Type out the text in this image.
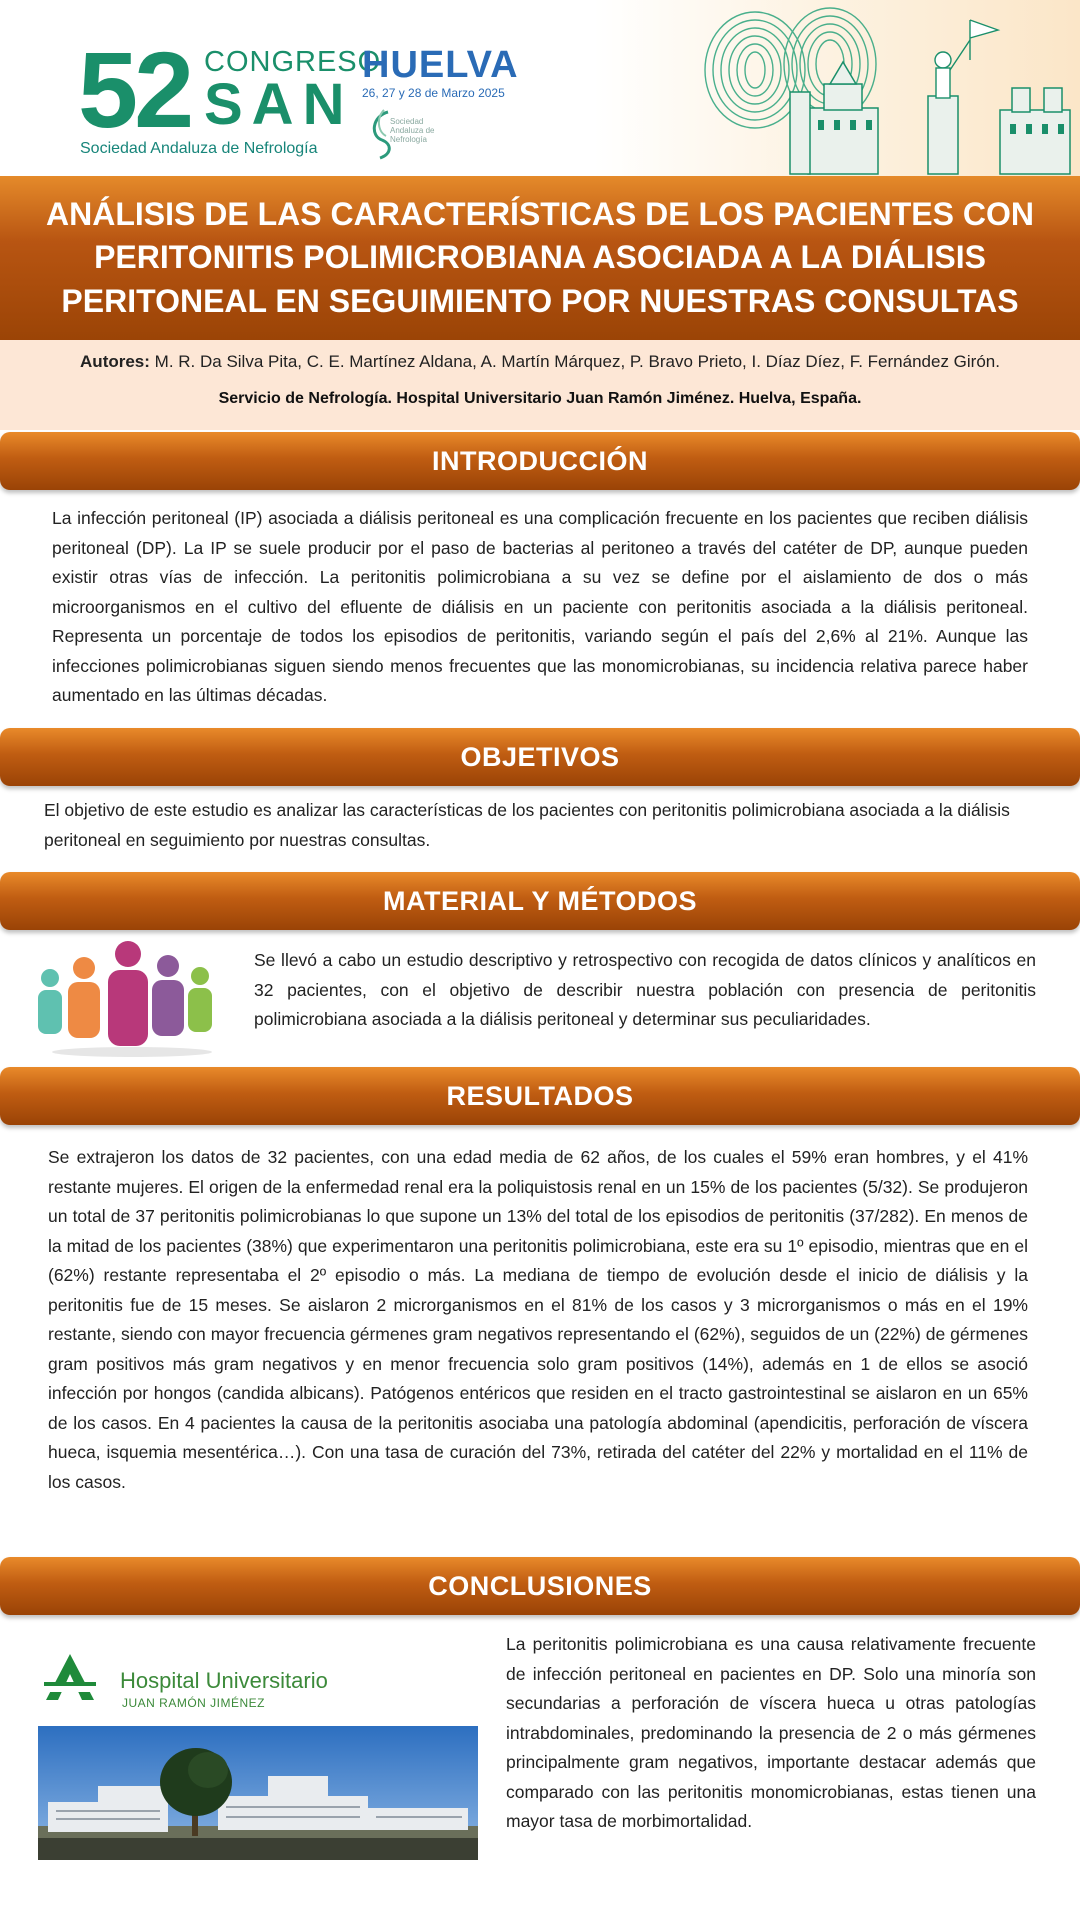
52 CONGRESO
SAN
Sociedad Andaluza de Nefrología
HUELVA
26, 27 y 28 de Marzo 2025
Sociedad
Andaluza de
Nefrología
ANÁLISIS DE LAS CARACTERÍSTICAS DE LOS PACIENTES CON PERITONITIS POLIMICROBIANA ASOCIADA A LA DIÁLISIS PERITONEAL EN SEGUIMIENTO POR NUESTRAS CONSULTAS
Autores: M. R. Da Silva Pita, C. E. Martínez Aldana, A. Martín Márquez, P. Bravo Prieto, I. Díaz Díez, F. Fernández Girón.
Servicio de Nefrología. Hospital Universitario Juan Ramón Jiménez. Huelva, España.
INTRODUCCIÓN
La infección peritoneal (IP) asociada a diálisis peritoneal es una complicación frecuente en los pacientes que reciben diálisis peritoneal (DP). La IP se suele producir por el paso de bacterias al peritoneo a través del catéter de DP, aunque pueden existir otras vías de infección. La peritonitis polimicrobiana a su vez se define por el aislamiento de dos o más microorganismos en el cultivo del efluente de diálisis en un paciente con peritonitis asociada a la diálisis peritoneal. Representa un porcentaje de todos los episodios de peritonitis, variando según el país del 2,6% al 21%. Aunque las infecciones polimicrobianas siguen siendo menos frecuentes que las monomicrobianas, su incidencia relativa parece haber aumentado en las últimas décadas.
OBJETIVOS
El objetivo de este estudio es analizar las características de los pacientes con peritonitis polimicrobiana asociada a la diálisis peritoneal en seguimiento por nuestras consultas.
MATERIAL Y MÉTODOS
Se llevó a cabo un estudio descriptivo y retrospectivo con recogida de datos clínicos y analíticos en 32 pacientes, con el objetivo de describir nuestra población con presencia de peritonitis polimicrobiana asociada a la diálisis peritoneal y determinar sus peculiaridades.
RESULTADOS
Se extrajeron los datos de 32 pacientes, con una edad media de 62 años, de los cuales el 59% eran hombres, y el 41% restante mujeres. El origen de la enfermedad renal era la poliquistosis renal en un 15% de los pacientes (5/32). Se produjeron un total de 37 peritonitis polimicrobianas lo que supone un 13% del total de los episodios de peritonitis (37/282). En menos de la mitad de los pacientes (38%) que experimentaron una peritonitis polimicrobiana, este era su 1º episodio, mientras que en el (62%) restante representaba el 2º episodio o más. La mediana de tiempo de evolución desde el inicio de diálisis y la peritonitis fue de 15 meses. Se aislaron 2 microrganismos en el 81% de los casos y 3 microrganismos o más en el 19% restante, siendo con mayor frecuencia gérmenes gram negativos representando el (62%), seguidos de un (22%) de gérmenes gram positivos más gram negativos y en menor frecuencia solo gram positivos (14%), además en 1 de ellos se asoció infección por hongos (candida albicans). Patógenos entéricos que residen en el tracto gastrointestinal se aislaron en un 65% de los casos. En 4 pacientes la causa de la peritonitis asociaba una patología abdominal (apendicitis, perforación de víscera hueca, isquemia mesentérica…). Con una tasa de curación del 73%, retirada del catéter del 22% y mortalidad en el 11% de los casos.
CONCLUSIONES
Hospital Universitario
JUAN RAMÓN JIMÉNEZ
La peritonitis polimicrobiana es una causa relativamente frecuente de infección peritoneal en pacientes en DP. Solo una minoría son secundarias a perforación de víscera hueca u otras patologías intrabdominales, predominando la presencia de 2 o más gérmenes principalmente gram negativos, importante destacar además que comparado con las peritonitis monomicrobianas, estas tienen una mayor tasa de morbimortalidad.
